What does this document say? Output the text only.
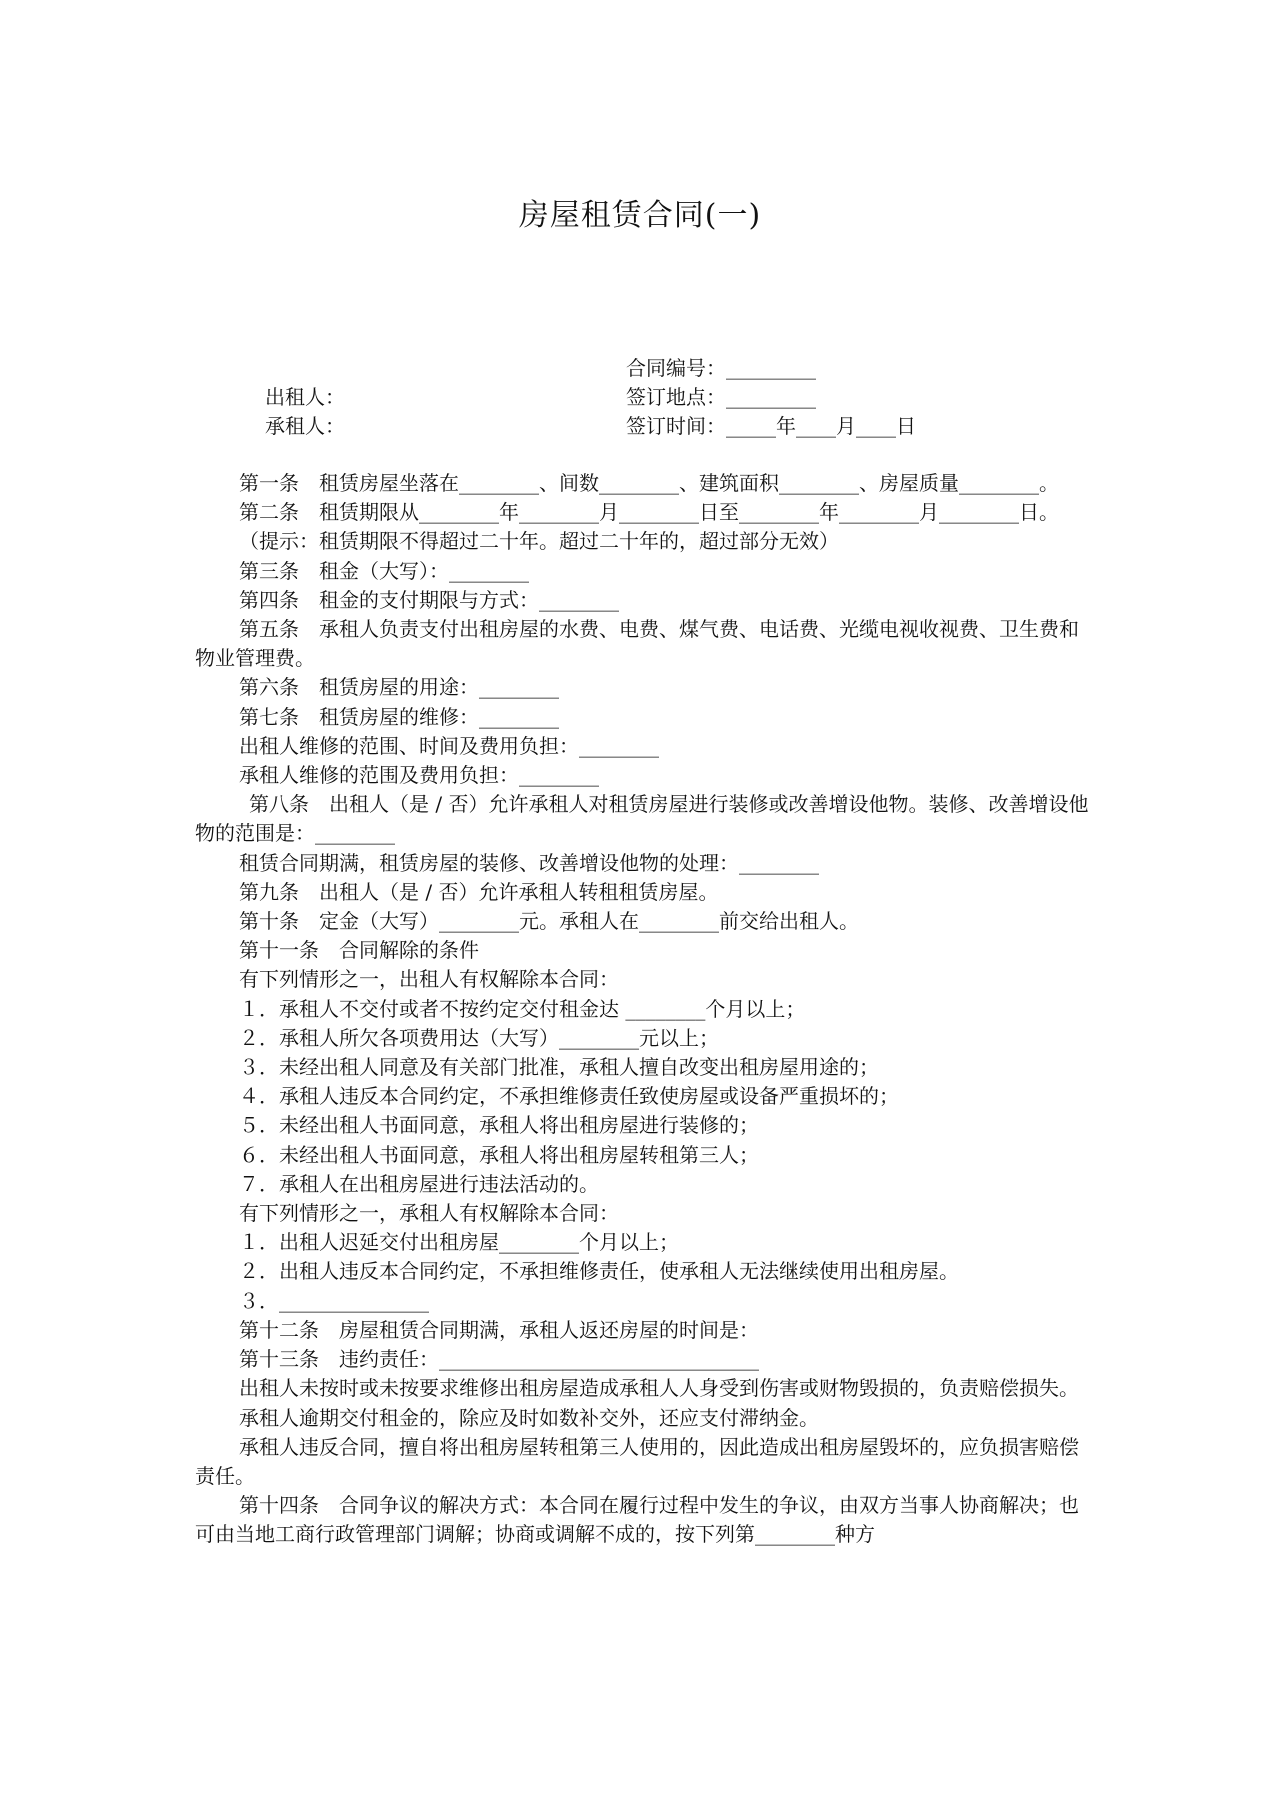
房屋租赁合同(一)
出租人：
承租人：
合同编号：_________
签订地点：_________
签订时间：_____年____月____日

第一条　租赁房屋坐落在________、间数________、建筑面积________、房屋质量________。

第二条　租赁期限从________年________月________日至________年________月________日。

（提示：租赁期限不得超过二十年。超过二十年的，超过部分无效）

第三条　租金（大写）：________

第四条　租金的支付期限与方式：________

第五条　承租人负责支付出租房屋的水费、电费、煤气费、电话费、光缆电视收视费、卫生费和物业管理费。

第六条　租赁房屋的用途：________

第七条　租赁房屋的维修：________

出租人维修的范围、时间及费用负担：________

承租人维修的范围及费用负担：________

第八条　出租人（是 / 否）允许承租人对租赁房屋进行装修或改善增设他物。装修、改善增设他物的范围是：________

租赁合同期满，租赁房屋的装修、改善增设他物的处理：________

第九条　出租人（是 / 否）允许承租人转租租赁房屋。

第十条　定金（大写）________元。承租人在________前交给出租人。

第十一条　合同解除的条件

有下列情形之一，出租人有权解除本合同：

１．承租人不交付或者不按约定交付租金达 ________个月以上；

２．承租人所欠各项费用达（大写）________元以上；

３．未经出租人同意及有关部门批准，承租人擅自改变出租房屋用途的；

４．承租人违反本合同约定，不承担维修责任致使房屋或设备严重损坏的；

５．未经出租人书面同意，承租人将出租房屋进行装修的；

６．未经出租人书面同意，承租人将出租房屋转租第三人；

７．承租人在出租房屋进行违法活动的。

有下列情形之一，承租人有权解除本合同：

１．出租人迟延交付出租房屋________个月以上；

２．出租人违反本合同约定，不承担维修责任，使承租人无法继续使用出租房屋。

３．_______________

第十二条　房屋租赁合同期满，承租人返还房屋的时间是：

第十三条　违约责任：________________________________

出租人未按时或未按要求维修出租房屋造成承租人人身受到伤害或财物毁损的，负责赔偿损失。

承租人逾期交付租金的，除应及时如数补交外，还应支付滞纳金。

承租人违反合同，擅自将出租房屋转租第三人使用的，因此造成出租房屋毁坏的，应负损害赔偿责任。

第十四条　合同争议的解决方式：本合同在履行过程中发生的争议，由双方当事人协商解决；也可由当地工商行政管理部门调解；协商或调解不成的，按下列第________种方
